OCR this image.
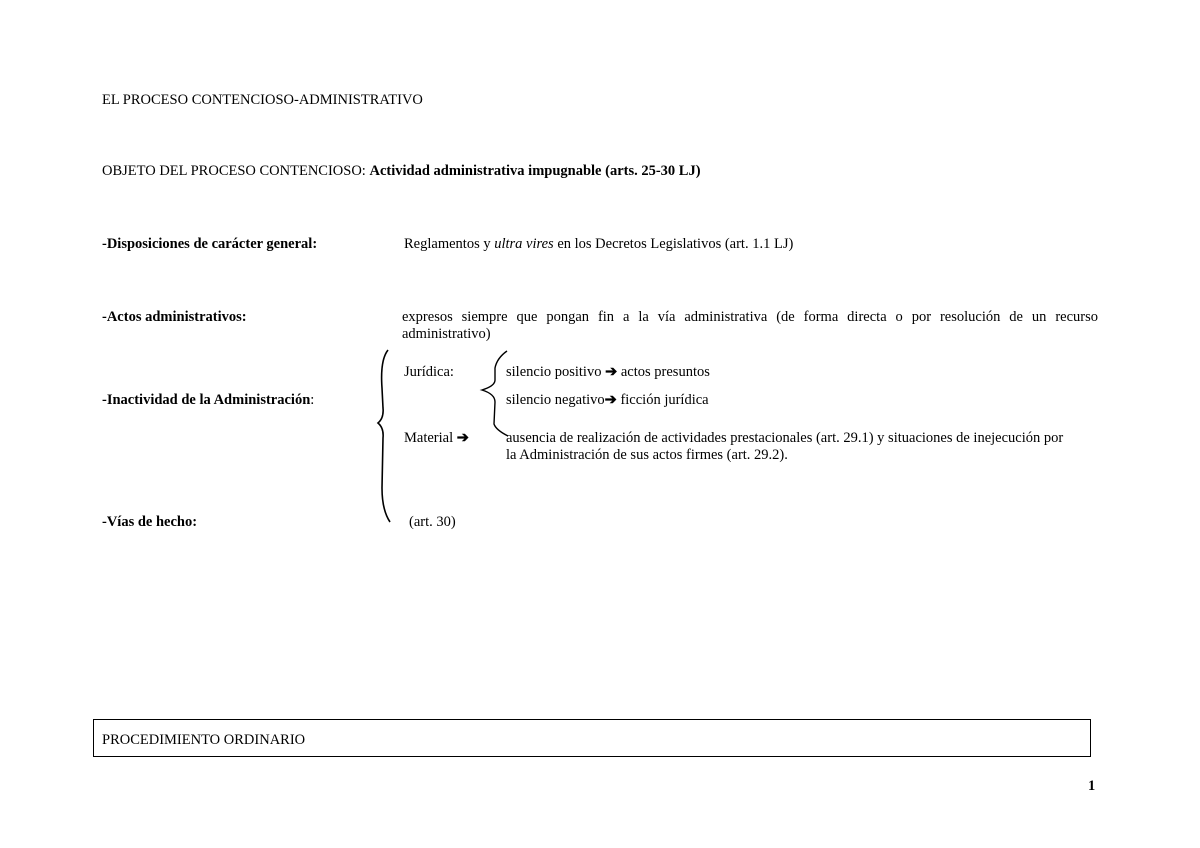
EL PROCESO CONTENCIOSO-ADMINISTRATIVO
OBJETO DEL PROCESO CONTENCIOSO: Actividad administrativa impugnable (arts. 25-30 LJ)
-Disposiciones de carácter general:	Reglamentos y ultra vires en los Decretos Legislativos (art. 1.1 LJ)
-Actos administrativos:	expresos siempre que pongan fin a la vía administrativa (de forma directa o por resolución de un recurso administrativo)
-Inactividad de la Administración:
Jurídica:	silencio positivo ➔ actos presuntos
silencio negativo➔ ficción jurídica
Material ➔	ausencia de realización de actividades prestacionales (art. 29.1) y situaciones de inejecución por la Administración de sus actos firmes (art. 29.2).
-Vías de hecho:	(art. 30)
PROCEDIMIENTO ORDINARIO
1
